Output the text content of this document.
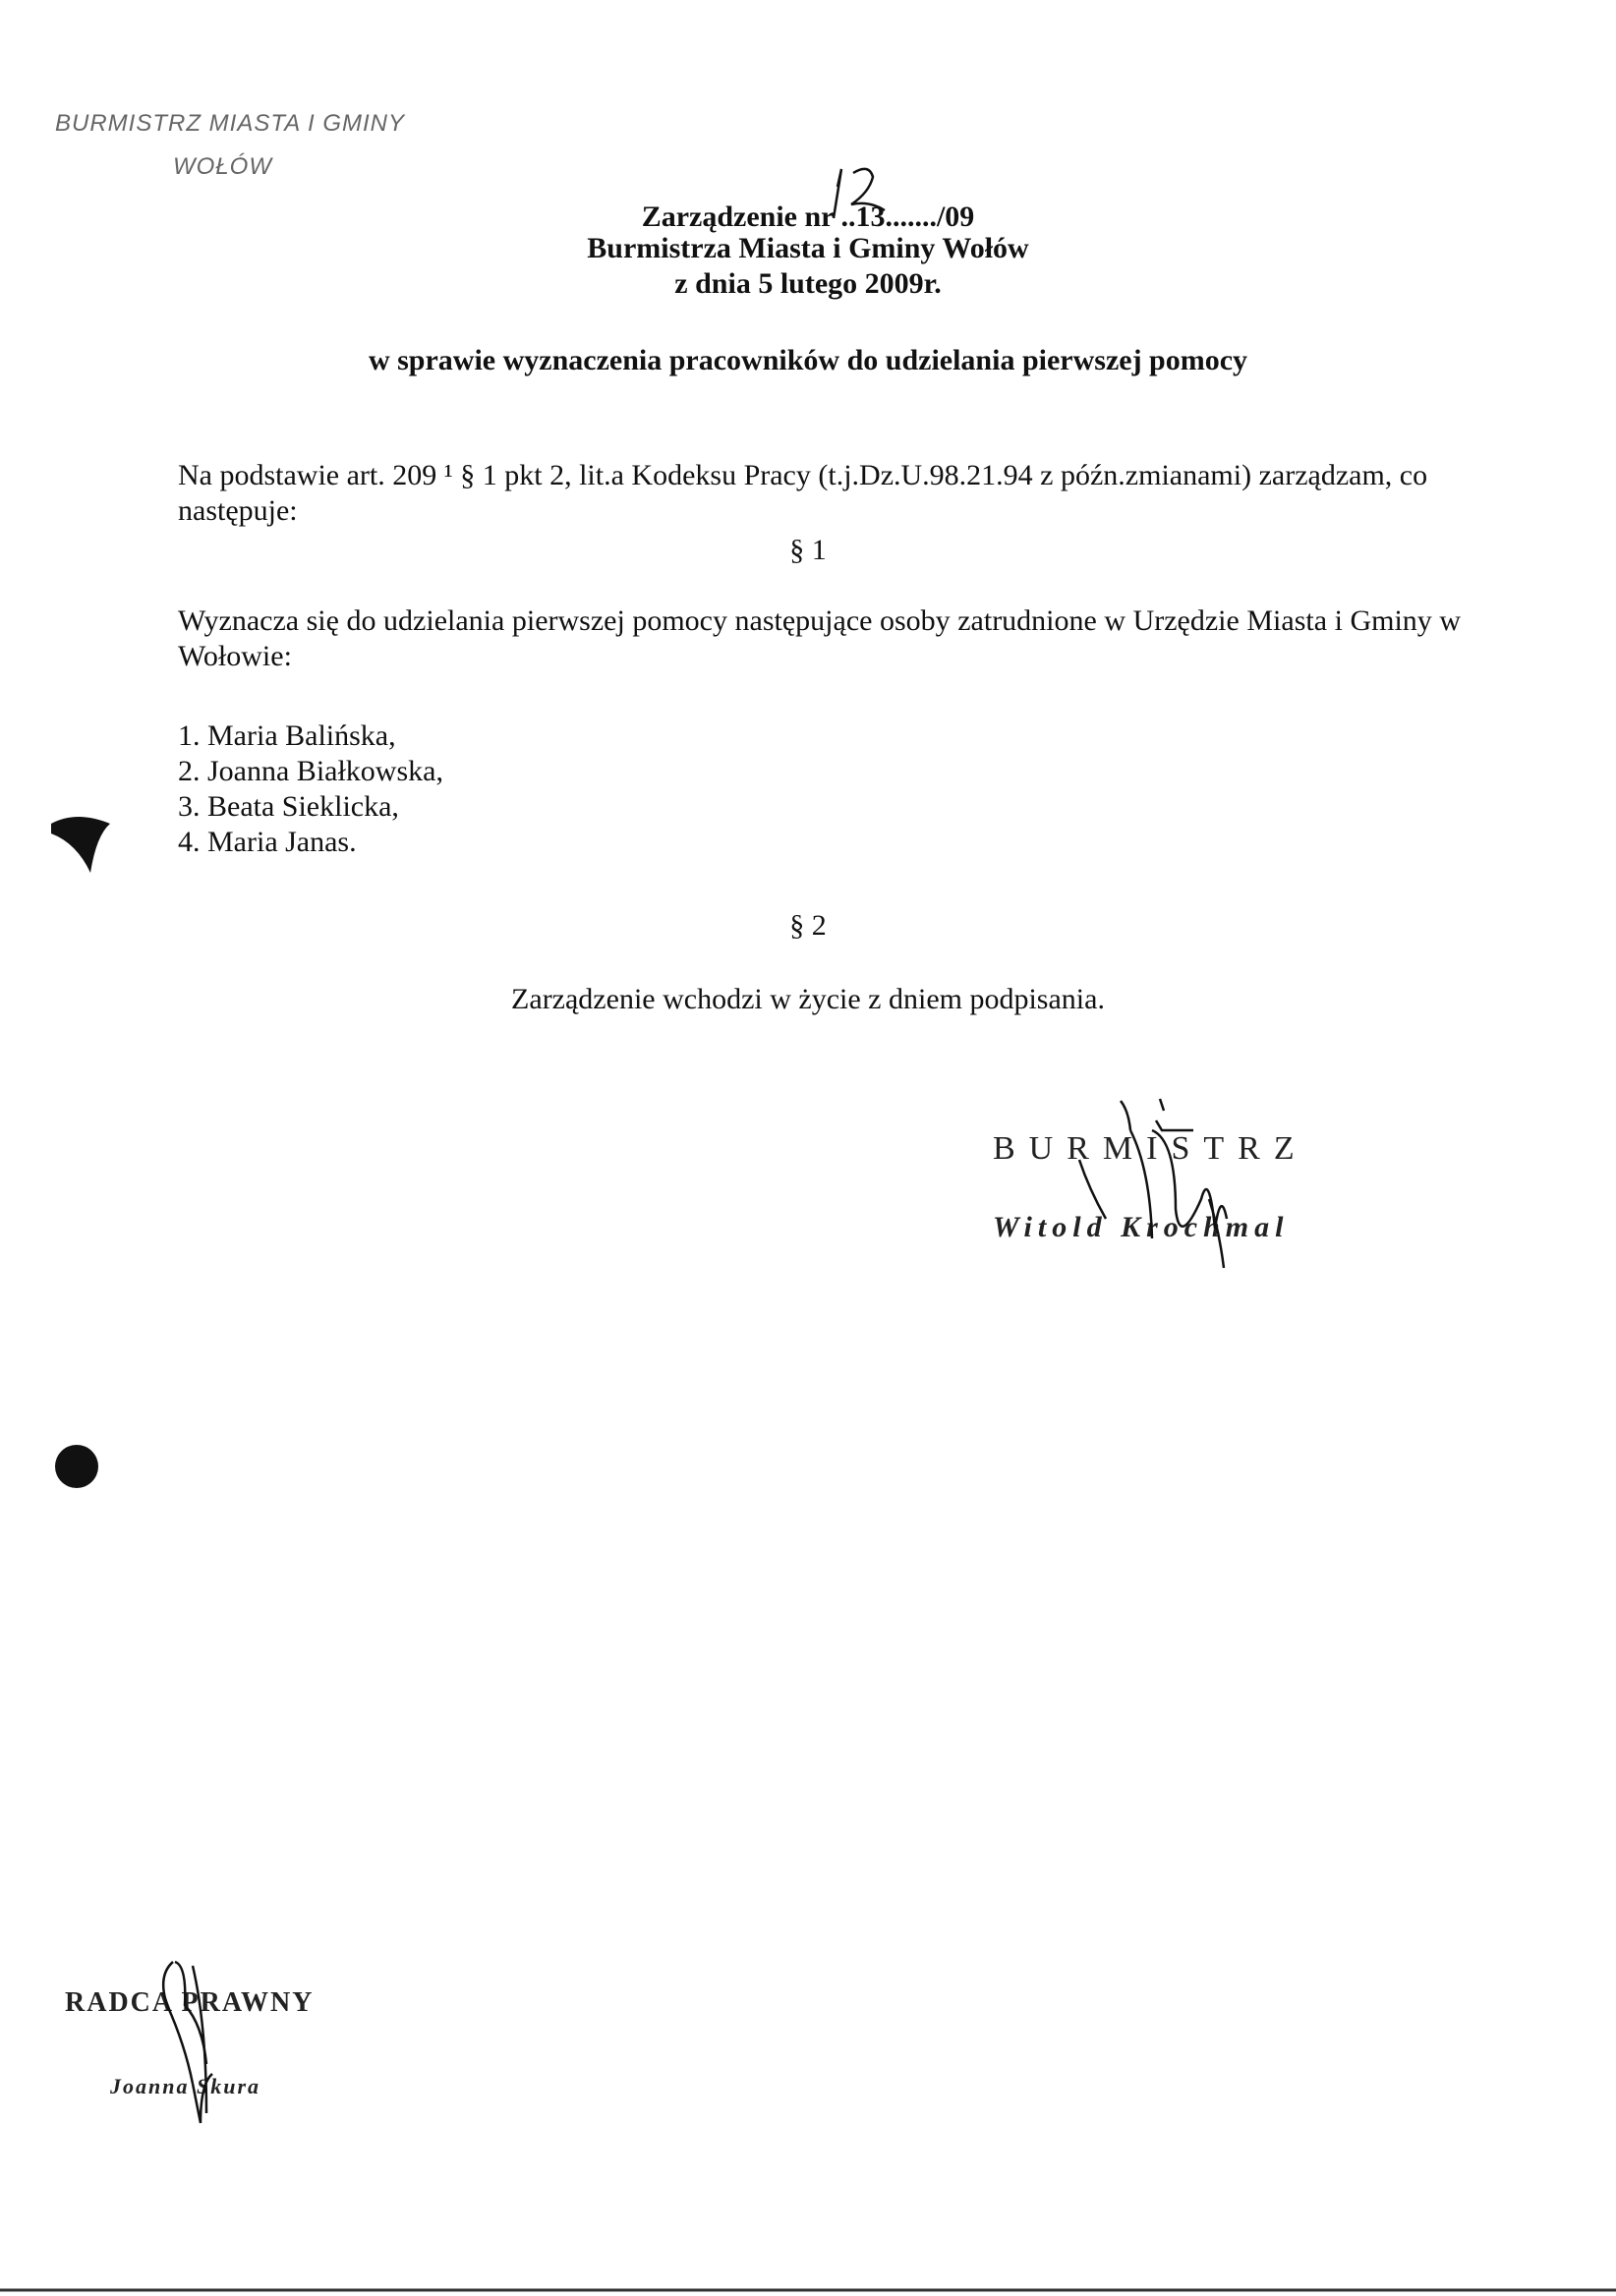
BURMISTRZ MIASTA I GMINY
WOŁÓW
Zarządzenie nr ..13......./09
Burmistrza Miasta i Gminy Wołów
z dnia 5 lutego 2009r.
w sprawie wyznaczenia pracowników do udzielania pierwszej pomocy
Na podstawie art. 209 ¹ § 1 pkt 2, lit.a Kodeksu Pracy (t.j.Dz.U.98.21.94 z późn.zmianami) zarządzam, co następuje:
§ 1
Wyznacza się do udzielania pierwszej pomocy następujące osoby zatrudnione w Urzędzie Miasta i Gminy w Wołowie:
1. Maria Balińska,
2. Joanna Białkowska,
3. Beata Sieklicka,
4. Maria Janas.
§ 2
Zarządzenie wchodzi w życie z dniem podpisania.
BURMISTRZ
Witold Krochmal
RADCA PRAWNY
Joanna Skura
